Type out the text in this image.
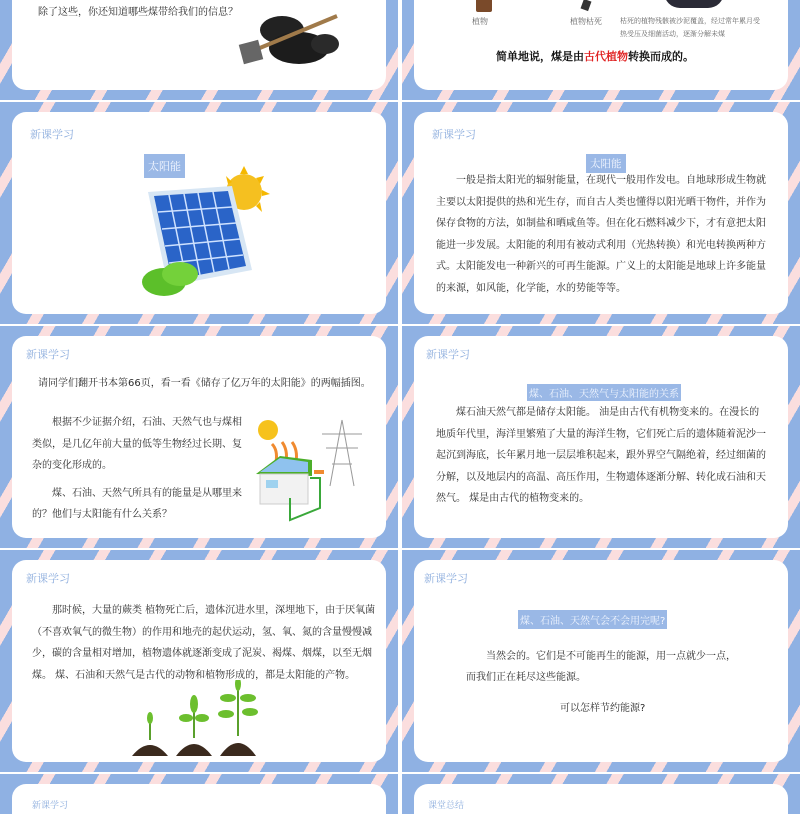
除了这些，你还知道哪些煤带给我们的信息？
植物	植物枯死	枯死的植物残骸被沙泥覆盖，经过常年累月受热受压及细菌活动，逐渐分解未煤
简单地说，煤是由古代植物转换而成的。
新课学习
太阳能
新课学习
太阳能

一般是指太阳光的辐射能量，在现代一般用作发电。自地球形成生物就主要以太阳提供的热和光生存，而自古人类也懂得以阳光晒干物件，并作为保存食物的方法，如制盐和晒咸鱼等。但在化石燃料减少下，才有意把太阳能进一步发展。太阳能的利用有被动式利用（光热转换）和光电转换两种方式。太阳能发电一种新兴的可再生能源。广义上的太阳能是地球上许多能量的来源，如风能，化学能，水的势能等等。

新课学习
请同学们翻开书本第66页，看一看《储存了亿万年的太阳能》的两幅插图。

根据不少证据介绍，石油、天然气也与煤相类似，是几亿年前大量的低等生物经过长期、复杂的变化形成的。

煤、石油、天然气所具有的能量是从哪里来的？他们与太阳能有什么关系？

新课学习
煤、石油、天然气与太阳能的关系

煤石油天然气都是储存太阳能。 油是由古代有机物变来的。在漫长的地质年代里，海洋里繁殖了大量的海洋生物，它们死亡后的遗体随着泥沙一起沉到海底，长年累月地一层层堆积起来，跟外界空气隔绝着，经过细菌的分解，以及地层内的高温、高压作用，生物遗体逐渐分解、转化成石油和天然气。 煤是由古代的植物变来的。

新课学习

那时候，大量的蕨类 植物死亡后，遗体沉进水里，深埋地下，由于厌氧菌（不喜欢氧气的微生物）的作用和地壳的起伏运动，氢、氧、氮的含量慢慢减少，碳的含量相对增加，植物遗体就逐渐变成了泥炭、褐煤、烟煤，以至无烟煤。 煤、石油和天然气是古代的动物和植物形成的，都是太阳能的产物。

新课学习
煤、石油、天然气会不会用完呢?
当然会的。它们是不可能再生的能源，用一点就少一点，
而我们正在耗尽这些能源。
可以怎样节约能源?
新课学习	课堂总结
